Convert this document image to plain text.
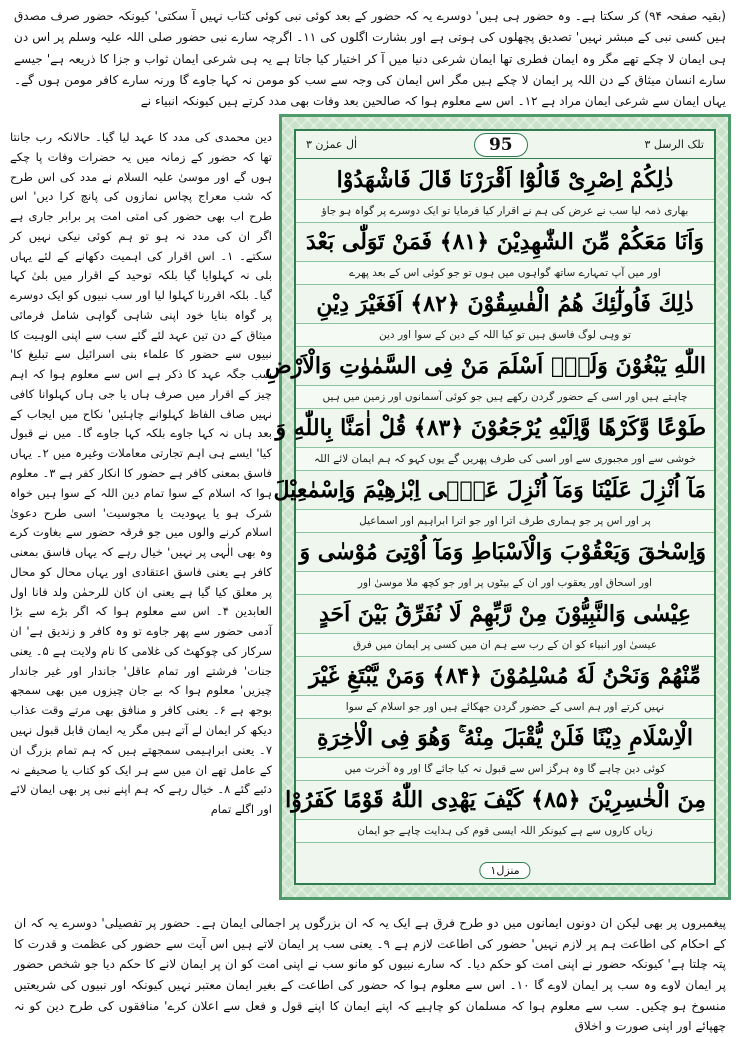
(بقیہ صفحہ ۹۴) کر سکتا ہے۔ وہ حضور ہی ہیں' دوسرے یہ کہ حضور کے بعد کوئی نبی کوئی کتاب نہیں آ سکتی' کیونکہ حضور صرف مصدق ہیں کسی نبی کے مبشر نہیں' تصدیق پچھلوں کی ہوتی ہے اور بشارت اگلوں کی ۱۱۔ اگرچہ سارے نبی حضور صلی اللہ علیہ وسلم پر اس دن ہی ایمان لا چکے تھے مگر وہ ایمان فطری تھا ایمان شرعی دنیا میں آ کر اختیار کیا جاتا ہے یہ ہی شرعی ایمان ثواب و جزا کا ذریعہ ہے' جیسے سارے انسان میثاق کے دن اللہ پر ایمان لا چکے ہیں مگر اس ایمان کی وجہ سے سب کو مومن نہ کہا جاوے گا ورنہ سارے کافر مومن ہوں گے۔ یہاں ایمان سے شرعی ایمان مراد ہے ۱۲۔ اس سے معلوم ہوا کہ صالحین بعد وفات بھی مدد کرتے ہیں کیونکہ انبیاء نے
دین محمدی کی مدد کا عہد لیا گیا۔ حالانکہ رب جانتا تھا کہ حضور کے زمانہ میں یہ حضرات وفات پا چکے ہوں گے اور موسیٰ علیہ السلام نے مدد کی اس طرح کہ شب معراج پچاس نمازوں کی پانچ کرا دیں' اس طرح اب بھی حضور کی امتی امت پر برابر جاری ہے اگر ان کی مدد نہ ہو تو ہم کوئی نیکی نہیں کر سکتے۔ ۱۔ اس اقرار کی اہمیت دکھانے کے لئے یہاں بلی نہ کہلوایا گیا بلکہ توحید کے اقرار میں بلیٰ کہا گیا۔ بلکہ اقررنا کہلوا لیا اور سب نبیوں کو ایک دوسرے پر گواہ بنایا خود اپنی شاہی گواہی شامل فرمائی میثاق کے دن تین عہد لئے گئے سب سے اپنی الوہیت کا نبیوں سے حضور کا علماء بنی اسرائیل سے تبلیغ کا' سب جگہ عہد کا ذکر ہے اس سے معلوم ہوا کہ اہم چیز کے اقرار میں صرف ہاں یا جی ہاں کہلوانا کافی نہیں صاف الفاظ کہلوانے چاہئیں' نکاح میں ایجاب کے بعد ہاں نہ کہا جاوے بلکہ کہا جاوے گا۔ میں نے قبول کیا' ایسے ہی اہم تجارتی معاملات وغیرہ میں ۲۔ یہاں فاسق بمعنی کافر ہے حضور کا انکار کفر ہے ۳۔ معلوم ہوا کہ اسلام کے سوا تمام دین اللہ کے سوا ہیں خواہ شرک ہو یا یہودیت یا مجوسیت' اسی طرح دعویٰ اسلام کرنے والوں میں جو فرقہ حضور سے بغاوت کرے وہ بھی الٰہی پر نہیں' خیال رہے کہ یہاں فاسق بمعنی کافر ہے یعنی فاسق اعتقادی اور یہاں محال کو محال پر معلق کیا گیا ہے یعنی ان کان للرحمٰن ولد فانا اول العابدین ۴۔ اس سے معلوم ہوا کہ اگر بڑے سے بڑا آدمی حضور سے پھر جاوے تو وہ کافر و زندیق ہے' ان سرکار کی چوکھٹ کی غلامی کا نام ولایت ہے ۵۔ یعنی جنات' فرشتے اور تمام عاقل' جاندار اور غیر جاندار چیزیں' معلوم ہوا کہ بے جان چیزوں میں بھی سمجھ بوجھ ہے ۶۔ یعنی کافر و منافق بھی مرتے وقت عذاب دیکھ کر ایمان لے آتے ہیں مگر یہ ایمان قابل قبول نہیں ۷۔ یعنی ابراہیمی سمجھتے ہیں کہ ہم تمام بزرگ ان کے عامل تھے ان میں سے ہر ایک کو کتاب یا صحیفے نہ دئیے گئے ۸۔ خیال رہے کہ ہم اپنے نبی پر بھی ایمان لائے اور اگلے تمام
تلک الرسل ۳
95
اٰل عمرٰن ۳
ذٰلِكُمْ اِصْرِیْ قَالُوْٓا اَقْرَرْنَا قَالَ فَاشْهَدُوْا
بھاری ذمہ لیا سب نے عرض کی ہم نے اقرار کیا فرمایا تو ایک دوسرے پر گواہ ہو جاؤ
وَاَنَا مَعَكُمْ مِّنَ الشّٰهِدِیْنَ ﴿۸۱﴾ فَمَنْ تَوَلّٰى بَعْدَ
اور میں آپ تمہارے ساتھ گواہوں میں ہوں تو جو کوئی اس کے بعد پھرے
ذٰلِكَ فَاُولٰٓئِكَ هُمُ الْفٰسِقُوْنَ ﴿۸۲﴾ اَفَغَیْرَ دِیْنِ
تو وہی لوگ فاسق ہیں تو کیا اللہ کے دین کے سوا اور دین
اللّٰهِ یَبْغُوْنَ وَلَهٗۤ اَسْلَمَ مَنْ فِی السَّمٰوٰتِ وَالْاَرْضِ
چاہتے ہیں اور اسی کے حضور گردن رکھے ہیں جو کوئی آسمانوں اور زمین میں ہیں
طَوْعًا وَّكَرْهًا وَّاِلَیْهِ یُرْجَعُوْنَ ﴿۸۳﴾ قُلْ اٰمَنَّا بِاللّٰهِ وَ
خوشی سے اور مجبوری سے اور اسی کی طرف پھریں گے یوں کہو کہ ہم ایمان لائے اللہ
مَآ اُنْزِلَ عَلَیْنَا وَمَآ اُنْزِلَ عَلٰۤى اِبْرٰهِیْمَ وَاِسْمٰعِیْلَ
پر اور اس پر جو ہماری طرف اترا اور جو اترا ابراہیم اور اسماعیل
وَاِسْحٰقَ وَیَعْقُوْبَ وَالْاَسْبَاطِ وَمَآ اُوْتِیَ مُوْسٰى وَ
اور اسحاق اور یعقوب اور ان کے بیٹوں پر اور جو کچھ ملا موسیٰ اور
عِیْسٰى وَالنَّبِیُّوْنَ مِنْ رَّبِّهِمْ لَا نُفَرِّقُ بَیْنَ اَحَدٍ
عیسیٰ اور انبیاء کو ان کے رب سے ہم ان میں کسی پر ایمان میں فرق
مِّنْهُمْ وَنَحْنُ لَهٗ مُسْلِمُوْنَ ﴿۸۴﴾ وَمَنْ یَّبْتَغِ غَیْرَ
نہیں کرتے اور ہم اسی کے حضور گردن جھکائے ہیں اور جو اسلام کے سوا
الْاِسْلَامِ دِیْنًا فَلَنْ یُّقْبَلَ مِنْهُ ۚ وَهُوَ فِی الْاٰخِرَةِ
کوئی دین چاہے گا وہ ہرگز اس سے قبول نہ کیا جائے گا اور وہ آخرت میں
مِنَ الْخٰسِرِیْنَ ﴿۸۵﴾ كَیْفَ یَهْدِی اللّٰهُ قَوْمًا كَفَرُوْا
زیاں کاروں سے ہے کیونکر اللہ ایسی قوم کی ہدایت چاہے جو ایمان
منزل۱
پیغمبروں پر بھی لیکن ان دونوں ایمانوں میں دو طرح فرق ہے ایک یہ کہ ان بزرگوں پر اجمالی ایمان ہے۔ حضور پر تفصیلی' دوسرے یہ کہ ان کے احکام کی اطاعت ہم پر لازم نہیں' حضور کی اطاعت لازم ہے ۹۔ یعنی سب پر ایمان لاتے ہیں اس آیت سے حضور کی عظمت و قدرت کا پتہ چلتا ہے' کیونکہ حضور نے اپنی امت کو حکم دیا۔ کہ سارے نبیوں کو مانو سب نے اپنی امت کو ان پر ایمان لانے کا حکم دیا جو شخص حضور پر ایمان لاوے وہ سب پر ایمان لاوے گا ۱۰۔ اس سے معلوم ہوا کہ حضور کی اطاعت کے بغیر ایمان معتبر نہیں کیونکہ اور نبیوں کی شریعتیں منسوخ ہو چکیں۔ سب سے معلوم ہوا کہ مسلمان کو چاہیے کہ اپنے ایمان کا اپنے قول و فعل سے اعلان کرے' منافقوں کی طرح دین کو نہ چھپائے اور اپنی صورت و اخلاق
